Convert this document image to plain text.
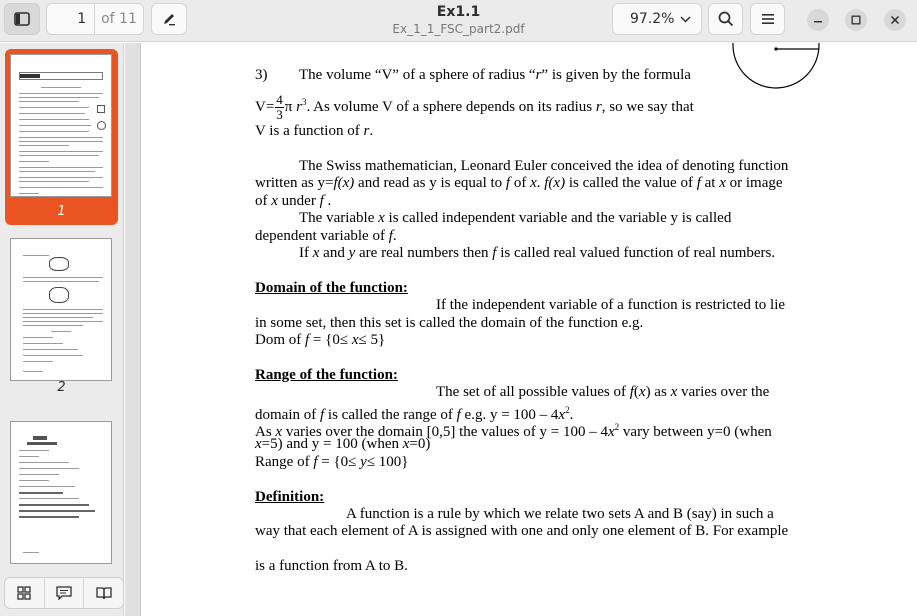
1
of 11	Ex1.1
Ex_1_1_FSC_part2.pdf
97.2%
1
2
3) The volume “V” of a sphere of radius “r” is given by the formula
$V= \frac{4}{3}$ π $r^3$. As volume V of a sphere depends on its radius r, so we say that
V is a function of r.
The Swiss mathematician, Leonard Euler conceived the idea of denoting function
written as y=f(x) and read as y is equal to f of x. f(x) is called the value of f at x or image
of x under f .
The variable x is called independent variable and the variable y is called
dependent variable of f.
If x and y are real numbers then f is called real valued function of real numbers.
Domain of the function:
If the independent variable of a function is restricted to lie
in some set, then this set is called the domain of the function e.g.
Dom of f = {0≤ x≤ 5}
Range of the function:
The set of all possible values of f(x) as x varies over the
domain of f is called the range of f e.g. $y = 100 - 4x^2$.
As x varies over the domain [0,5] the values of $y = 100 - 4x^2$ vary between y=0 (when
x=5) and y = 100 (when x=0)
Range of f = {0≤ y≤ 100}
Definition:
A function is a rule by which we relate two sets A and B (say) in such a
way that each element of A is assigned with one and only one element of B. For example
is a function from A to B.
